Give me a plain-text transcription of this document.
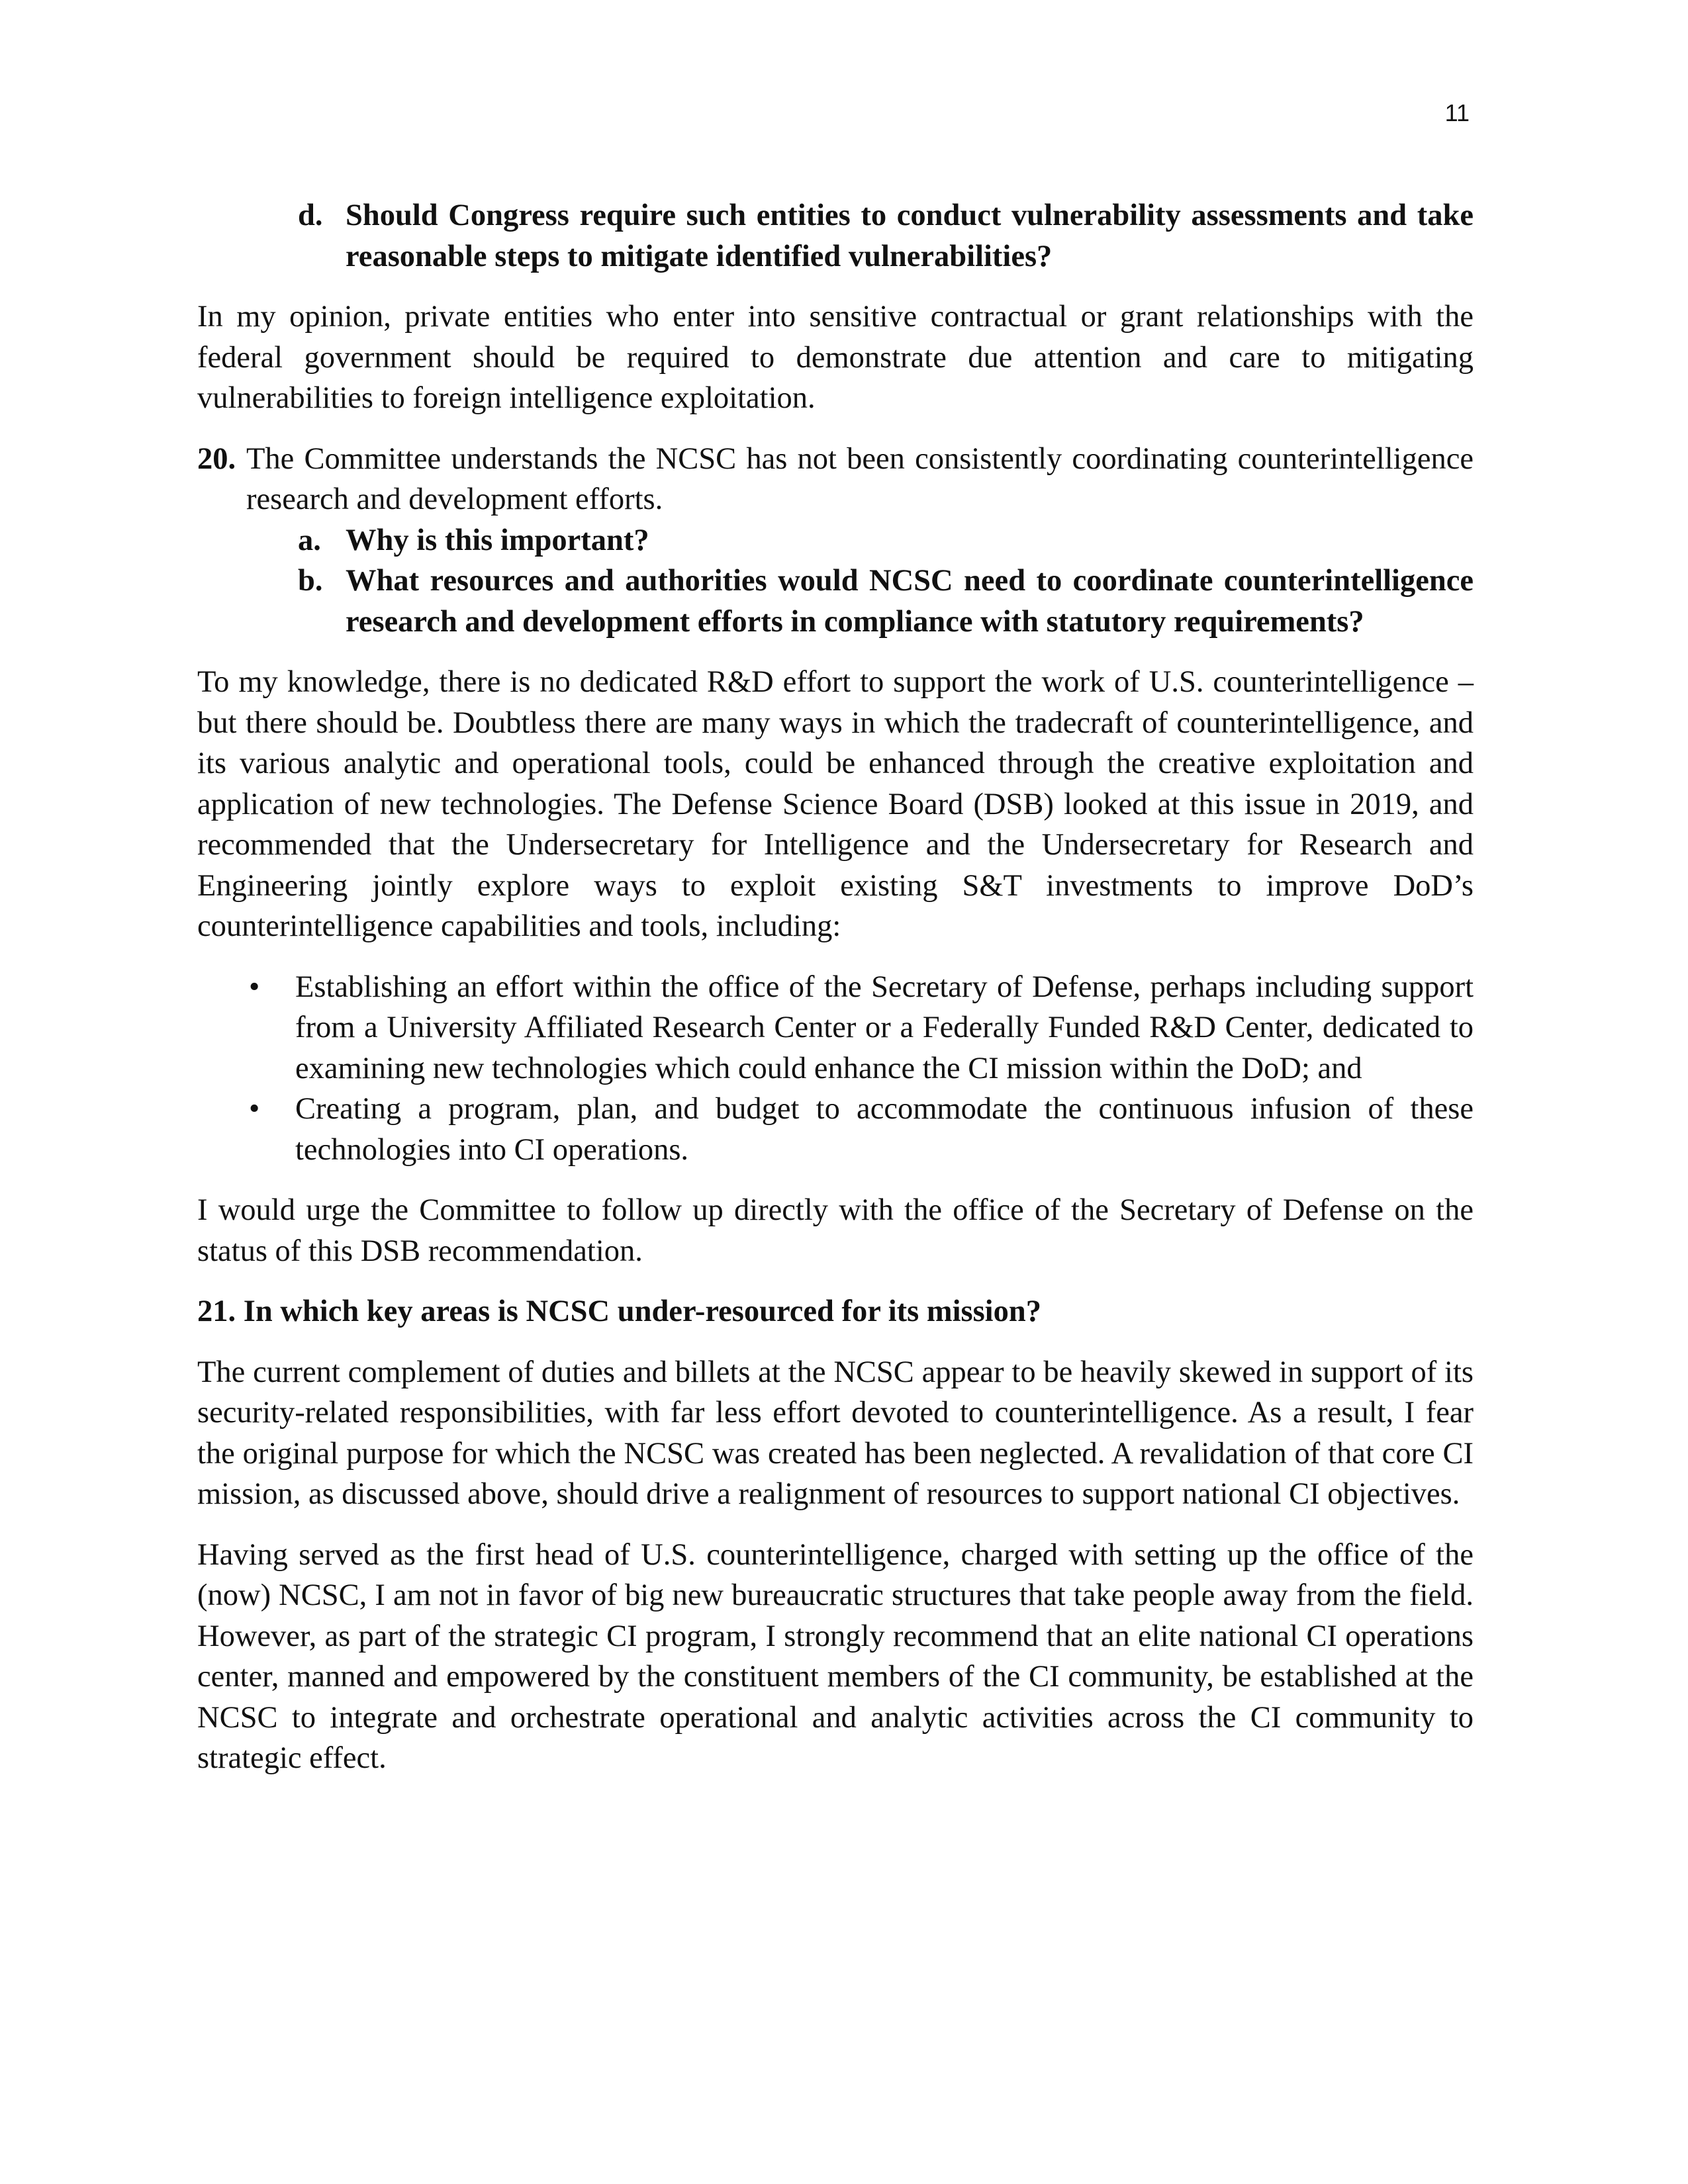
11
d. Should Congress require such entities to conduct vulnerability assessments and take reasonable steps to mitigate identified vulnerabilities?

In my opinion, private entities who enter into sensitive contractual or grant relationships with the federal government should be required to demonstrate due attention and care to mitigating vulnerabilities to foreign intelligence exploitation.

20. The Committee understands the NCSC has not been consistently coordinating counterintelligence research and development efforts.
a. Why is this important?
b. What resources and authorities would NCSC need to coordinate counterintelligence research and development efforts in compliance with statutory requirements?

To my knowledge, there is no dedicated R&D effort to support the work of U.S. counterintelligence – but there should be. Doubtless there are many ways in which the tradecraft of counterintelligence, and its various analytic and operational tools, could be enhanced through the creative exploitation and application of new technologies. The Defense Science Board (DSB) looked at this issue in 2019, and recommended that the Undersecretary for Intelligence and the Undersecretary for Research and Engineering jointly explore ways to exploit existing S&T investments to improve DoD’s counterintelligence capabilities and tools, including:

•	Establishing an effort within the office of the Secretary of Defense, perhaps including support from a University Affiliated Research Center or a Federally Funded R&D Center, dedicated to examining new technologies which could enhance the CI mission within the DoD; and
•	Creating a program, plan, and budget to accommodate the continuous infusion of these technologies into CI operations.

I would urge the Committee to follow up directly with the office of the Secretary of Defense on the status of this DSB recommendation.

21. In which key areas is NCSC under-resourced for its mission?

The current complement of duties and billets at the NCSC appear to be heavily skewed in support of its security-related responsibilities, with far less effort devoted to counterintelligence. As a result, I fear the original purpose for which the NCSC was created has been neglected. A revalidation of that core CI mission, as discussed above, should drive a realignment of resources to support national CI objectives.

Having served as the first head of U.S. counterintelligence, charged with setting up the office of the (now) NCSC, I am not in favor of big new bureaucratic structures that take people away from the field. However, as part of the strategic CI program, I strongly recommend that an elite national CI operations center, manned and empowered by the constituent members of the CI community, be established at the NCSC to integrate and orchestrate operational and analytic activities across the CI community to strategic effect.
